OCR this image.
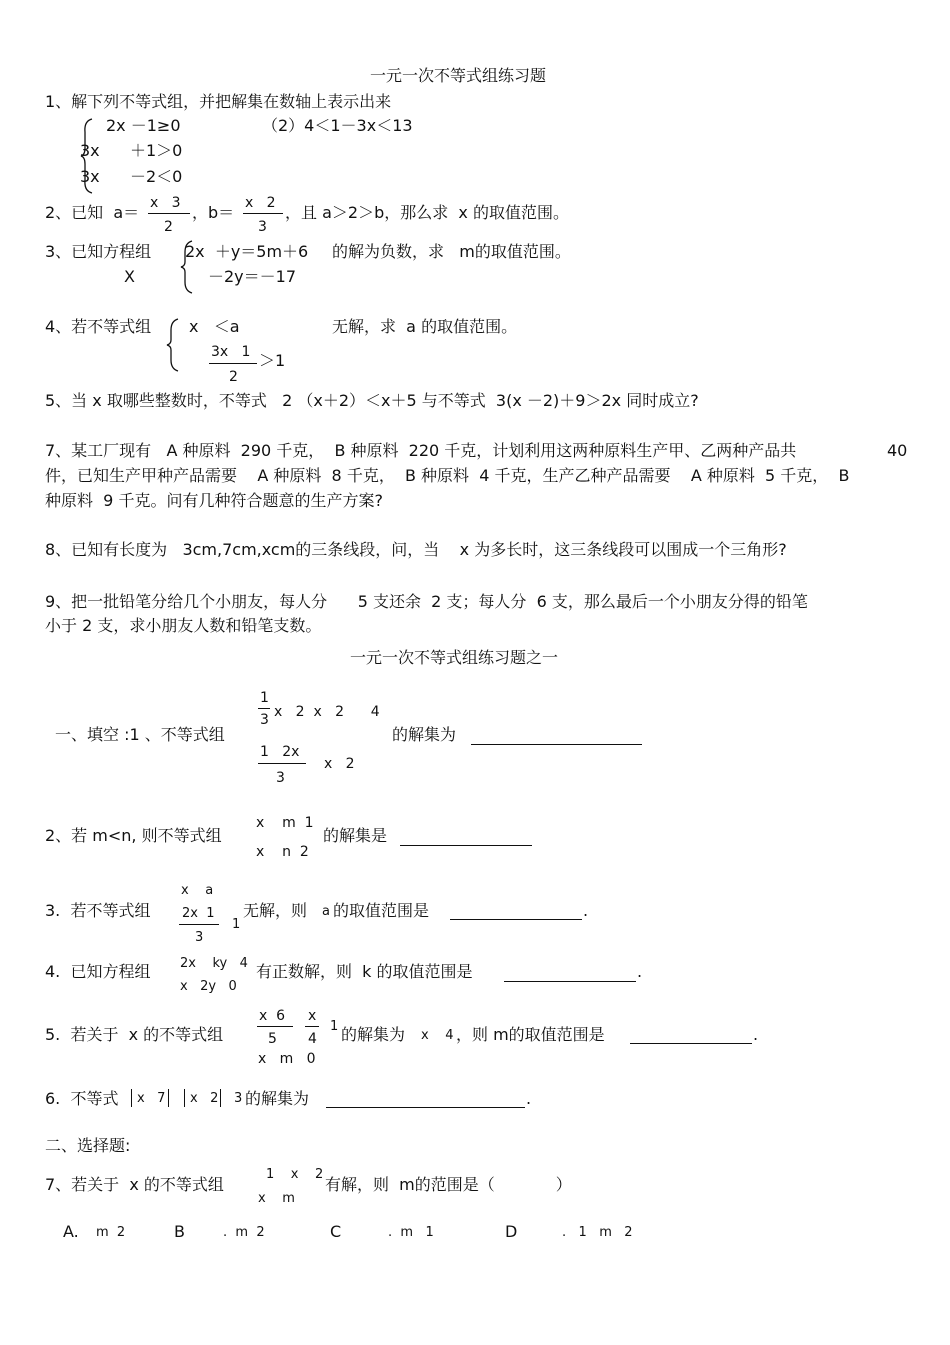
一元一次不等式组练习题
1、解下列不等式组，并把解集在数轴上表示出来
2x －1≥0
3x ＋1＞0
3x －2＜0
（2）4＜1－3x＜13
2、已知  a＝ x   3
2
，b＝ x   2
3
，且 a＞2＞b，那么求  x 的取值范围。
3、已知方程组 2x  ＋y＝5m＋6
－2y＝－17
X
的解为负数，求   m的取值范围。
4、若不等式组 x   ＜a
3x   1
2
＞1
无解，求  a 的取值范围。
5、当 x 取哪些整数时，不等式   2 （x＋2）＜x＋5 与不等式  3(x －2)＋9＞2x 同时成立?
7、某工厂现有   A 种原料  290 千克，  B 种原料  220 千克，计划利用这两种原料生产甲、乙两种产品共	40
件，已知生产甲种产品需要    A 种原料  8 千克，  B 种原料  4 千克，生产乙种产品需要    A 种原料  5 千克，  B
种原料  9 千克。问有几种符合题意的生产方案?
8、已知有长度为   3cm,7cm,xcm的三条线段，问，当    x 为多长时，这三条线段可以围成一个三角形?
9、把一批铅笔分给几个小朋友，每人分      5 支还余  2 支；每人分  6 支，那么最后一个小朋友分得的铅笔
小于 2 支，求小朋友人数和铅笔支数。
一元一次不等式组练习题之一
一、填空 :1 、不等式组
1
3 x   2  x   2      4
1   2x
3
x   2
的解集为
2、若 m<n, 则不等式组
x    m  1
x    n  2
的解集是
3.  若不等式组
x    a
2x  1
3
1
无解，则 a 的取值范围是	.
4.  已知方程组 2x    ky   4
x   2y   0
有正数解，则  k 的取值范围是	.
5.  若关于  x 的不等式组
x  6
5
x
4
1
x   m   0
的解集为 x    4 ，则 m的取值范围是	.
6.  不等式 x   7 x   2 3 的解集为	.
二、选择题:
7、若关于  x 的不等式组
1    x    2
x    m
有解，则  m的范围是（            ）
A. m  2	B	.  m  2	C	.  m   1	D	.   1   m   2
